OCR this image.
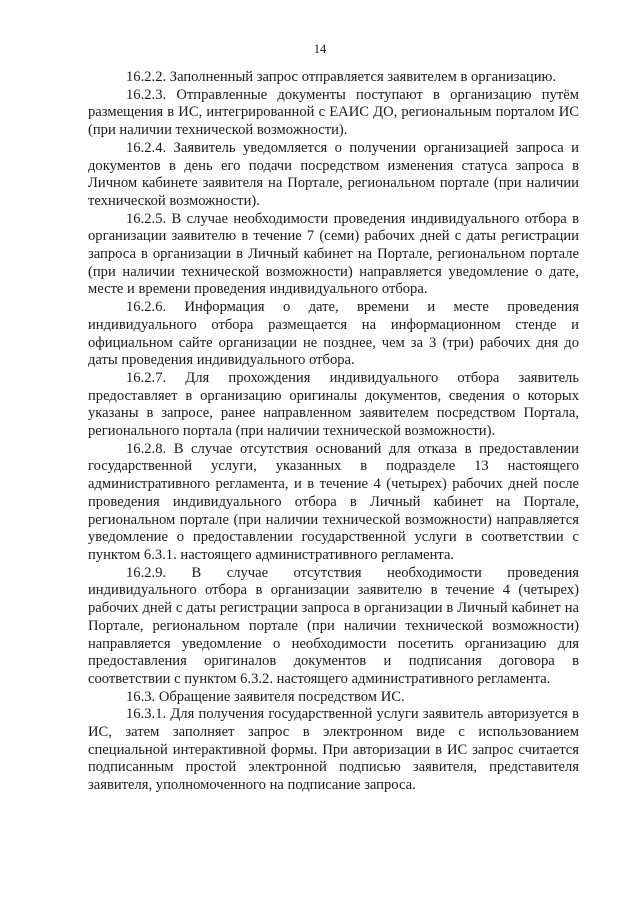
14

16.2.2. Заполненный запрос отправляется заявителем в организацию.

16.2.3. Отправленные документы поступают в организацию путём размещения в ИС, интегрированной с ЕАИС ДО, региональным порталом ИС (при наличии технической возможности).

16.2.4. Заявитель уведомляется о получении организацией запроса и документов в день его подачи посредством изменения статуса запроса в Личном кабинете заявителя на Портале, региональном портале (при наличии технической возможности).

16.2.5. В случае необходимости проведения индивидуального отбора в организации заявителю в течение 7 (семи) рабочих дней с даты регистрации запроса в организации в Личный кабинет на Портале, региональном портале (при наличии технической возможности) направляется уведомление о дате, месте и времени проведения индивидуального отбора.

16.2.6. Информация о дате, времени и месте проведения индивидуального отбора размещается на информационном стенде и официальном сайте организации не позднее, чем за 3 (три) рабочих дня до даты проведения индивидуального отбора.

16.2.7. Для прохождения индивидуального отбора заявитель предоставляет в организацию оригиналы документов, сведения о которых указаны в запросе, ранее направленном заявителем посредством Портала, регионального портала (при наличии технической возможности).

16.2.8. В случае отсутствия оснований для отказа в предоставлении государственной услуги, указанных в подразделе 13 настоящего административного регламента, и в течение 4 (четырех) рабочих дней после проведения индивидуального отбора в Личный кабинет на Портале, региональном портале (при наличии технической возможности) направляется уведомление о предоставлении государственной услуги в соответствии с пунктом 6.3.1. настоящего административного регламента.

16.2.9. В случае отсутствия необходимости проведения индивидуального отбора в организации заявителю в течение 4 (четырех) рабочих дней с даты регистрации запроса в организации в Личный кабинет на Портале, региональном портале (при наличии технической возможности) направляется уведомление о необходимости посетить организацию для предоставления оригиналов документов и подписания договора в соответствии с пунктом 6.3.2. настоящего административного регламента.

16.3. Обращение заявителя посредством ИС.

16.3.1. Для получения государственной услуги заявитель авторизуется в ИС, затем заполняет запрос в электронном виде с использованием специальной интерактивной формы. При авторизации в ИС запрос считается подписанным простой электронной подписью заявителя, представителя заявителя, уполномоченного на подписание запроса.
